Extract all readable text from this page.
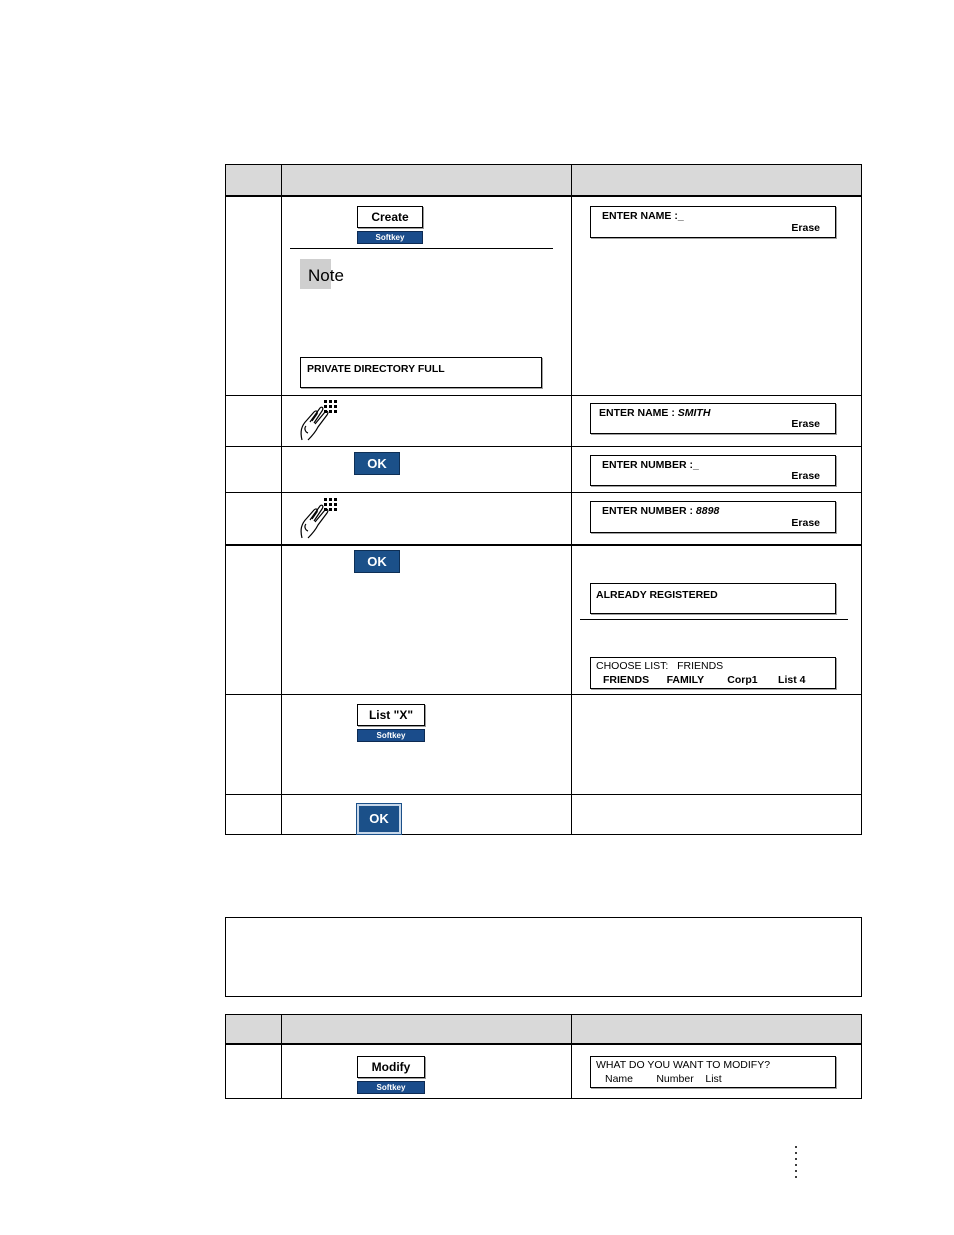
Create
Softkey
Note
PRIVATE DIRECTORY FULL
ENTER NAME :_
Erase
ENTER NAME : SMITH
Erase
OK	ENTER NUMBER :_
Erase
ENTER NUMBER : 8898
Erase
OK
ALREADY REGISTERED
CHOOSE LIST:   FRIENDS
FRIENDS      FAMILY        Corp1       List 4
List "X"
Softkey
OK
Modify
Softkey
WHAT DO YOU WANT TO MODIFY?
Name        Number    List
